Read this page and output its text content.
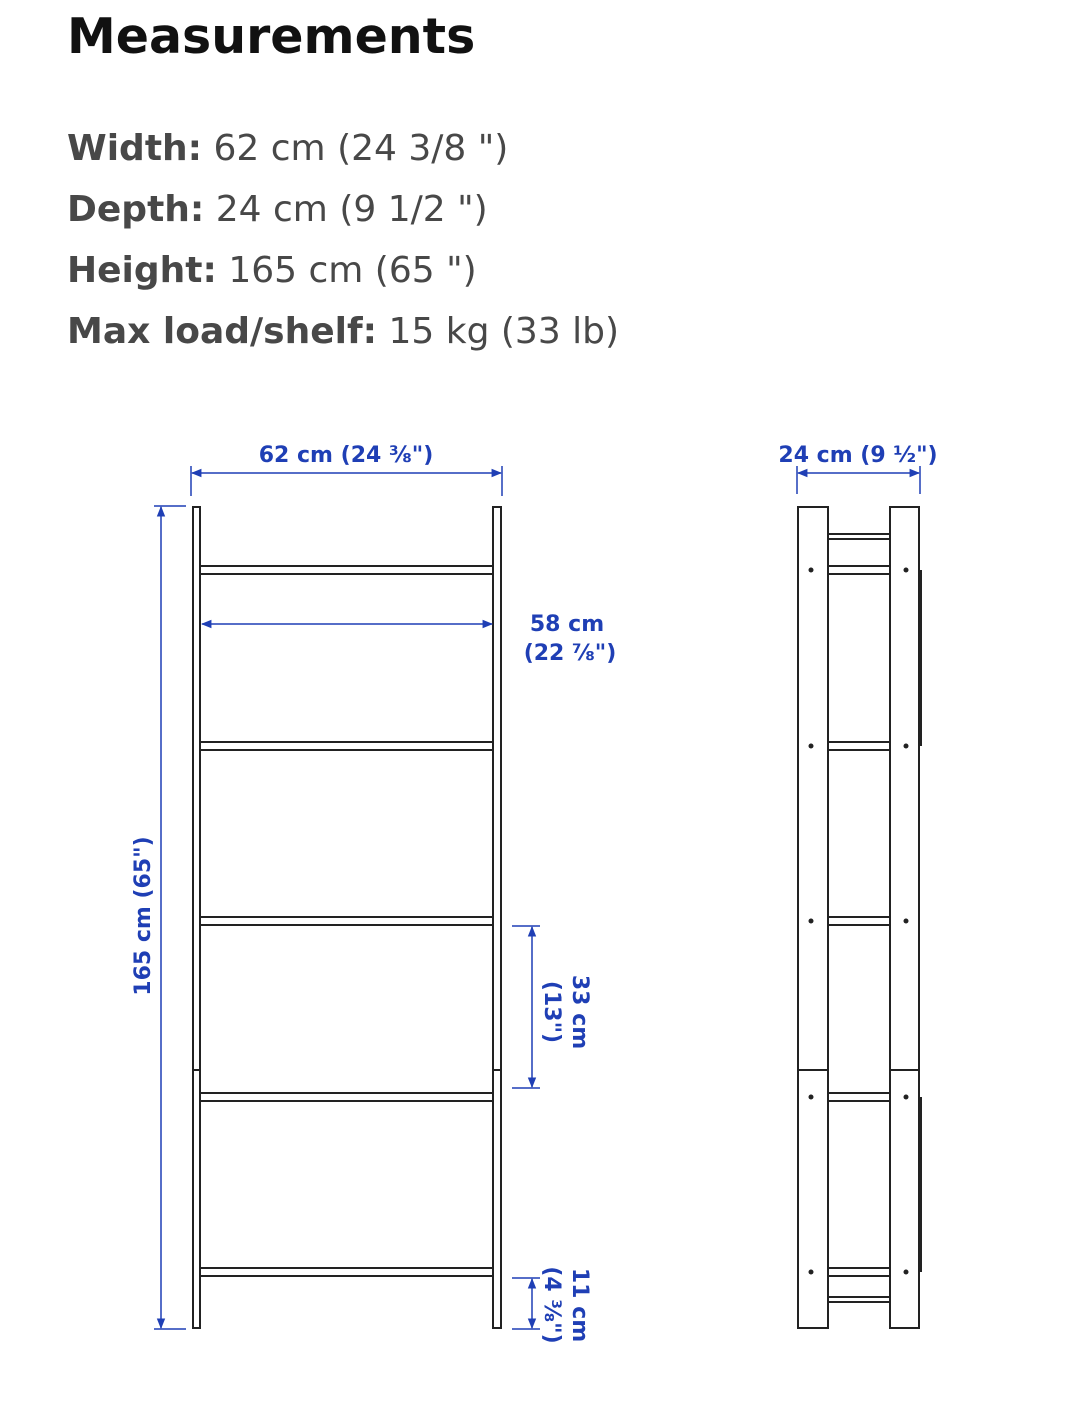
Measurements
Width: 62 cm (24 3/8 ")
Depth: 24 cm (9 1/2 ")
Height: 165 cm (65 ")
Max load/shelf: 15 kg (33 lb)
62 cm (24 ⅜")
58 cm
(22 ⅞")
165 cm (65")
33 cm
(13")
11 cm
(4 ⅜")
24 cm (9 ½")
